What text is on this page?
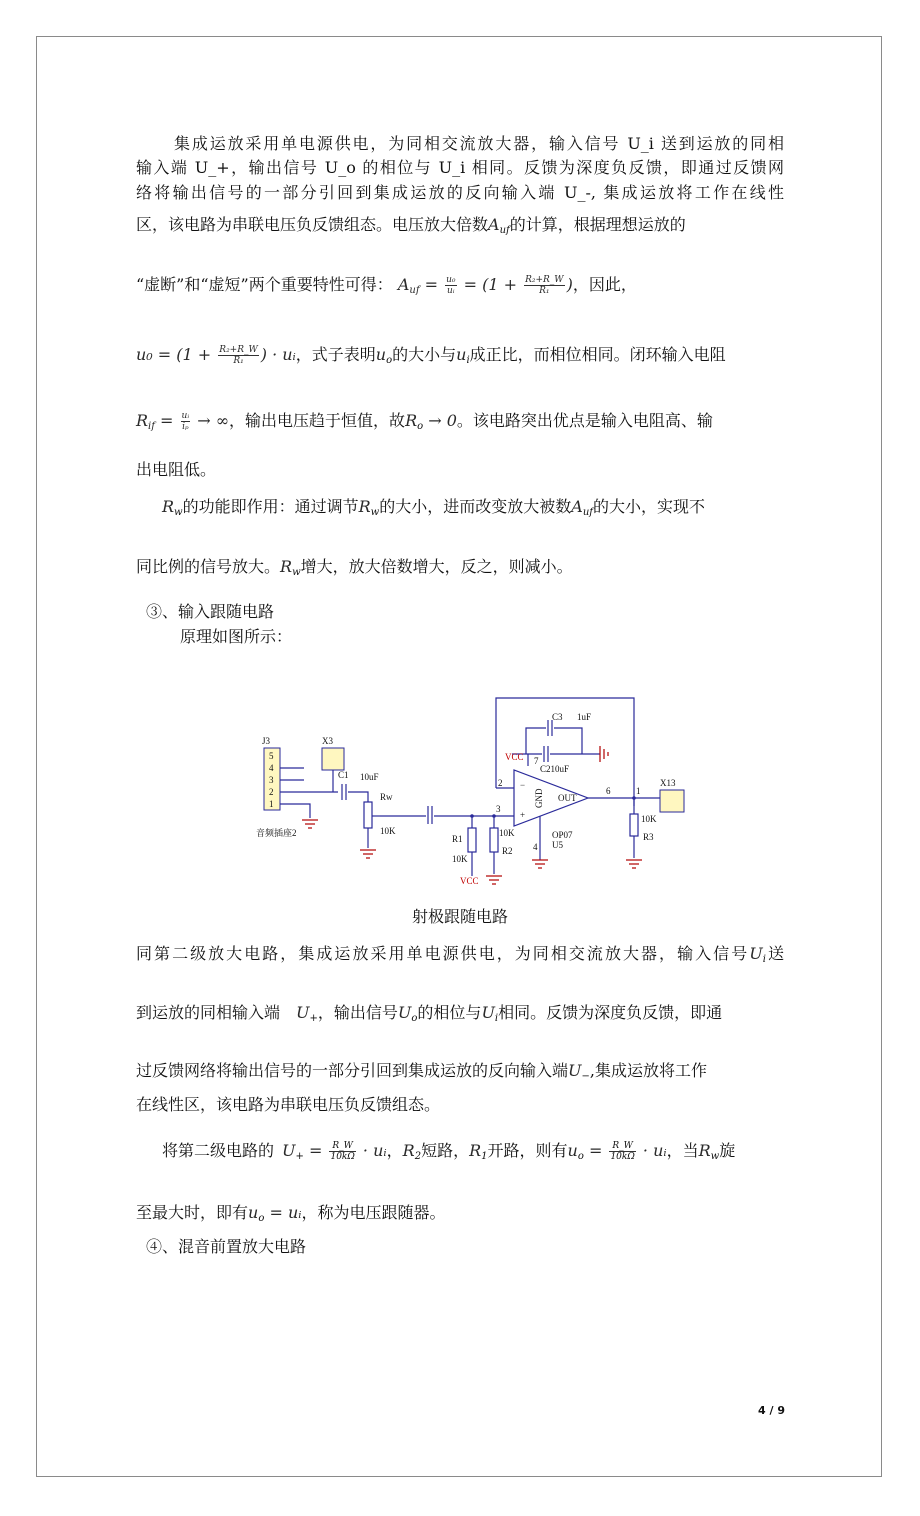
集成运放采用单电源供电，为同相交流放大器，输入信号 U_i 送到运放的同相
输入端 U_+，输出信号 U_o 的相位与 U_i 相同。反馈为深度负反馈，即通过反馈网
络将输出信号的一部分引回到集成运放的反向输入端 U_-, 集成运放将工作在线性
区，该电路为串联电压负反馈组态。电压放大倍数$A_{uf}$的计算，根据理想运放的
“虚断”和“虚短”两个重要特性可得： $A_{uf} = \frac{\text{u₀}}{\text{uᵢ}} = (1 + \frac{\text{R₂+R\_W}}{\text{R₁}}$ )，因此，
$u_0 = (1 + \frac{\text{R₂+R\_W}}{\text{R₁}}$ ) · uᵢ，式子表明$u_o$的大小与$u_i$成正比，而相位相同。闭环输入电阻
$R_{if} = \frac{\text{uᵢ}}{\text{iₚ}}$ → ∞，输出电压趋于恒值，故$R_o \to 0$。该电路突出优点是输入电阻高、输
出电阻低。
$R_w$的功能即作用：通过调节$R_w$的大小，进而改变放大被数$A_{uf}$的大小，实现不
同比例的信号放大。$R_w$增大，放大倍数增大，反之，则减小。
③、输入跟随电路
原理如图所示：
C3 1uF
C210uF
VCC 7
−
+
OUT
GND
OP07
U5
2
3
4
6	1
X13
10K
R3
J3
5
4
3
2
1
音频插座2
X3
C1 10uF
Rw
10K
R1
10K
VCC
10K
R2
射极跟随电路
同第二级放大电路，集成运放采用单电源供电，为同相交流放大器，输入信号$U_i$送
到运放的同相输入端  $U_+$，输出信号$U_o$的相位与$U_i$相同。反馈为深度负反馈，即通
过反馈网络将输出信号的一部分引回到集成运放的反向输入端$U_-$,集成运放将工作
在线性区，该电路为串联电压负反馈组态。
将第二级电路的  $U_+ = \frac{R\_W}{10k\Omega}$ · uᵢ，$R_2$短路，$R_1$开路，则有$u_o = \frac{R\_W}{10k\Omega}$ · uᵢ，当$R_w$旋
至最大时，即有$u_o$ = uᵢ，称为电压跟随器。
④、混音前置放大电路
4 / 9
